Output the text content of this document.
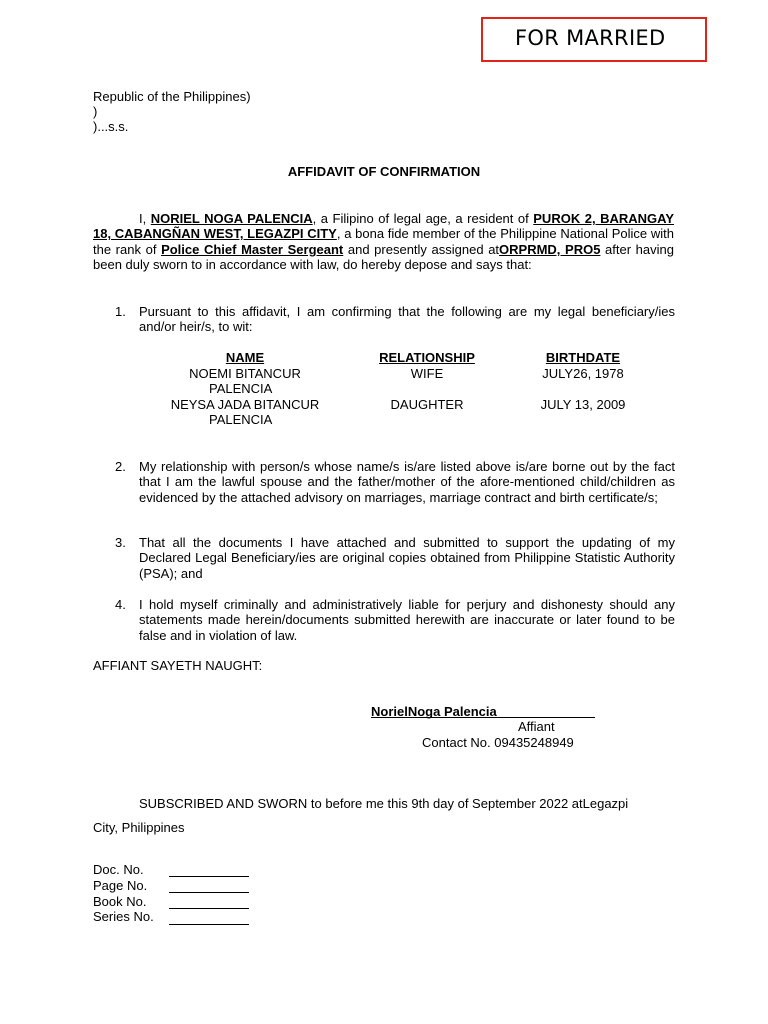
FOR MARRIED
Republic of the Philippines)
)
)...s.s.
AFFIDAVIT OF CONFIRMATION
I, NORIEL NOGA PALENCIA, a Filipino of legal age, a resident of PUROK 2, BARANGAY 18, CABANGÑAN WEST, LEGAZPI CITY, a bona fide member of the Philippine National Police with the rank of Police Chief Master Sergeant and presently assigned atORPRMD, PRO5 after having been duly sworn to in accordance with law, do hereby depose and says that:
1. Pursuant to this affidavit, I am confirming that the following are my legal beneficiary/ies and/or heir/s, to wit:
NAME	RELATIONSHIP	BIRTHDATE
NOEMI BITANCUR
PALENCIA
WIFE	JULY26, 1978
NEYSA JADA BITANCUR
PALENCIA
DAUGHTER	JULY 13, 2009
2. My relationship with person/s whose name/s is/are listed above is/are borne out by the fact that I am the lawful spouse and the father/mother of the afore-mentioned child/children as evidenced by the attached advisory on marriages, marriage contract and birth certificate/s;
3. That all the documents I have attached and submitted to support the updating of my Declared Legal Beneficiary/ies are original copies obtained from Philippine Statistic Authority (PSA); and
4. I hold myself criminally and administratively liable for perjury and dishonesty should any statements made herein/documents submitted herewith are inaccurate or later found to be false and in violation of law.
AFFIANT SAYETH NAUGHT:
NorielNoga Palencia
Affiant
Contact No. 09435248949
SUBSCRIBED AND SWORN to before me this 9th day of September 2022 atLegazpi
City, Philippines
Doc. No.
Page No.
Book No.
Series No.
